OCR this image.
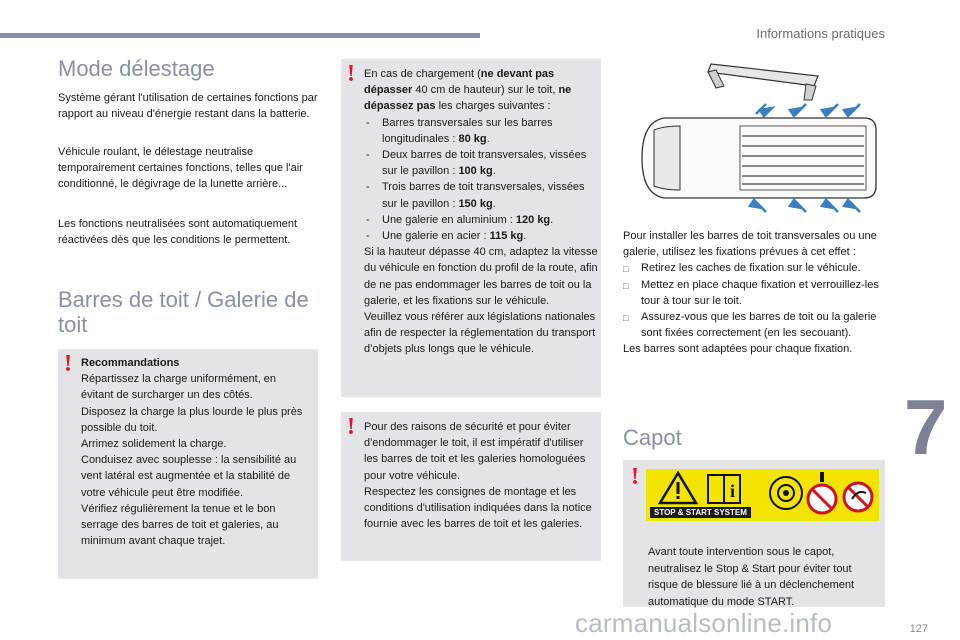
Informations pratiques
Mode délestage

Système gérant l'utilisation de certaines fonctions par rapport au niveau d'énergie restant dans la batterie.

Véhicule roulant, le délestage neutralise temporairement certaines fonctions, telles que l'air conditionné, le dégivrage de la lunette arrière...

Les fonctions neutralisées sont automatiquement réactivées dès que les conditions le permettent.

Barres de toit / Galerie de toit
! Recommandations

Répartissez la charge uniformément, en évitant de surcharger un des côtés.

Disposez la charge la plus lourde le plus près possible du toit.

Arrimez solidement la charge.

Conduisez avec souplesse : la sensibilité au vent latéral est augmentée et la stabilité de votre véhicule peut être modifiée.

Vérifiez régulièrement la tenue et le bon serrage des barres de toit et galeries, au minimum avant chaque trajet.

! En cas de chargement (ne devant pas dépasser 40 cm de hauteur) sur le toit, ne dépassez pas les charges suivantes :

- Barres transversales sur les barres longitudinales : 80 kg.
- Deux barres de toit transversales, vissées sur le pavillon : 100 kg.
- Trois barres de toit transversales, vissées sur le pavillon : 150 kg.
- Une galerie en aluminium : 120 kg.
- Une galerie en acier : 115 kg.

Si la hauteur dépasse 40 cm, adaptez la vitesse du véhicule en fonction du profil de la route, afin de ne pas endommager les barres de toit ou la galerie, et les fixations sur le véhicule.

Veuillez vous référer aux législations nationales afin de respecter la réglementation du transport d’objets plus longs que le véhicule.

! Pour des raisons de sécurité et pour éviter d'endommager le toit, il est impératif d'utiliser les barres de toit et les galeries homologuées pour votre véhicule.

Respectez les consignes de montage et les conditions d'utilisation indiquées dans la notice fournie avec les barres de toit et les galeries.

Pour installer les barres de toit transversales ou une galerie, utilisez les fixations prévues à cet effet :

□ Retirez les caches de fixation sur le véhicule.
□ Mettez en place chaque fixation et verrouillez-les tour à tour sur le toit.
□ Assurez-vous que les barres de toit ou la galerie sont fixées correctement (en les secouant).

Les barres sont adaptées pour chaque fixation.

Capot
!

Avant toute intervention sous le capot, neutralisez le Stop & Start pour éviter tout risque de blessure lié à un déclenchement automatique du mode START.

i
STOP & START SYSTEM
7
127
carmanualsonline.info
